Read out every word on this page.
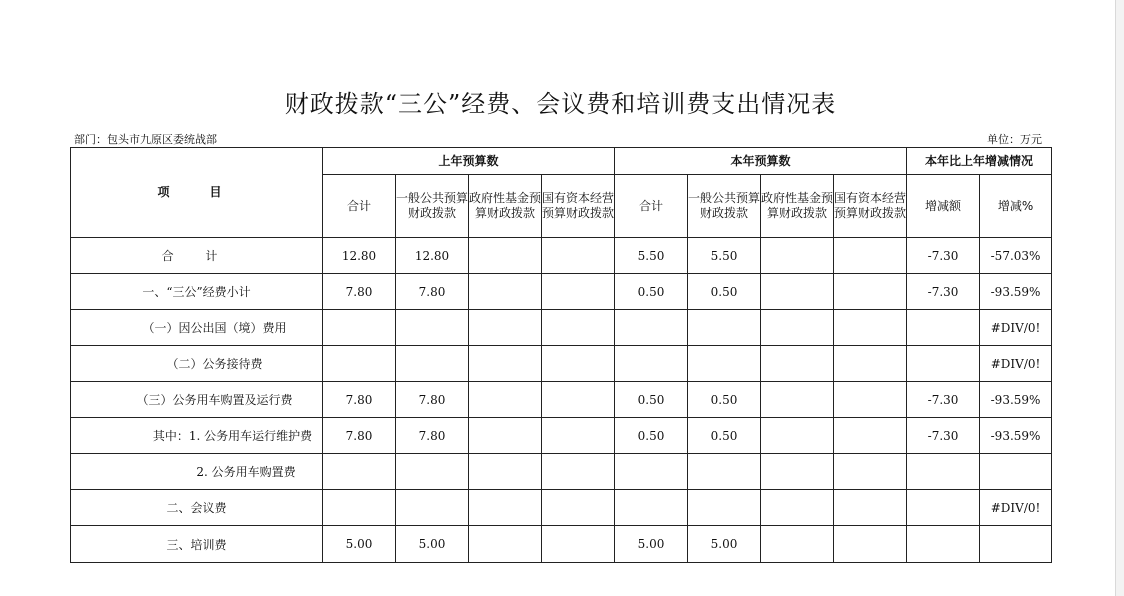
财政拨款“三公”经费、会议费和培训费支出情况表
部门：包头市九原区委统战部	单位：万元
项　目	上年预算数				本年预算数				本年比上年增减情况	
	合计	一般公共预算财政拨款	政府性基金预算财政拨款	国有资本经营预算财政拨款	合计	一般公共预算财政拨款	政府性基金预算财政拨款	国有资本经营预算财政拨款	增减额	增减%
合 计	12.80	12.80			5.50	5.50			-7.30	-57.03%
一、“三公”经费小计	7.80	7.80			0.50	0.50			-7.30	-93.59%
（一）因公出国（境）费用										#DIV/0!
（二）公务接待费										#DIV/0!
（三）公务用车购置及运行费	7.80	7.80			0.50	0.50			-7.30	-93.59%
其中：1. 公务用车运行维护费	7.80	7.80			0.50	0.50			-7.30	-93.59%
2. 公务用车购置费										
二、会议费										#DIV/0!
三、培训费	5.00	5.00			5.00	5.00				
